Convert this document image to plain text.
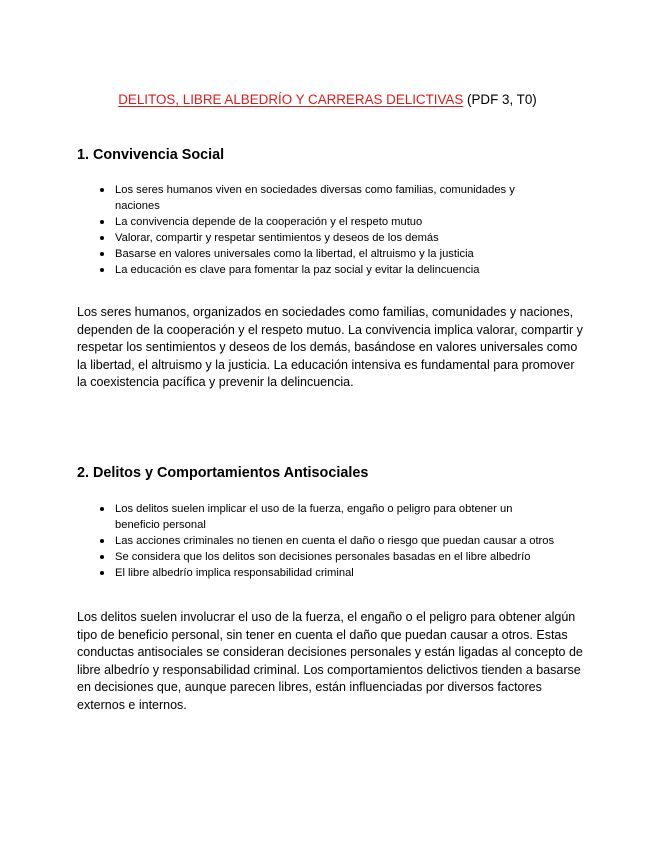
DELITOS, LIBRE ALBEDRÍO Y CARRERAS DELICTIVAS (PDF 3, T0)
1. Convivencia Social
Los seres humanos viven en sociedades diversas como familias, comunidades y naciones
La convivencia depende de la cooperación y el respeto mutuo
Valorar, compartir y respetar sentimientos y deseos de los demás
Basarse en valores universales como la libertad, el altruismo y la justicia
La educación es clave para fomentar la paz social y evitar la delincuencia

Los seres humanos, organizados en sociedades como familias, comunidades y naciones, dependen de la cooperación y el respeto mutuo. La convivencia implica valorar, compartir y respetar los sentimientos y deseos de los demás, basándose en valores universales como la libertad, el altruismo y la justicia. La educación intensiva es fundamental para promover la coexistencia pacífica y prevenir la delincuencia.

2. Delitos y Comportamientos Antisociales
Los delitos suelen implicar el uso de la fuerza, engaño o peligro para obtener un beneficio personal
Las acciones criminales no tienen en cuenta el daño o riesgo que puedan causar a otros
Se considera que los delitos son decisiones personales basadas en el libre albedrío
El libre albedrío implica responsabilidad criminal

Los delitos suelen involucrar el uso de la fuerza, el engaño o el peligro para obtener algún tipo de beneficio personal, sin tener en cuenta el daño que puedan causar a otros. Estas conductas antisociales se consideran decisiones personales y están ligadas al concepto de libre albedrío y responsabilidad criminal. Los comportamientos delictivos tienden a basarse en decisiones que, aunque parecen libres, están influenciadas por diversos factores externos e internos.
